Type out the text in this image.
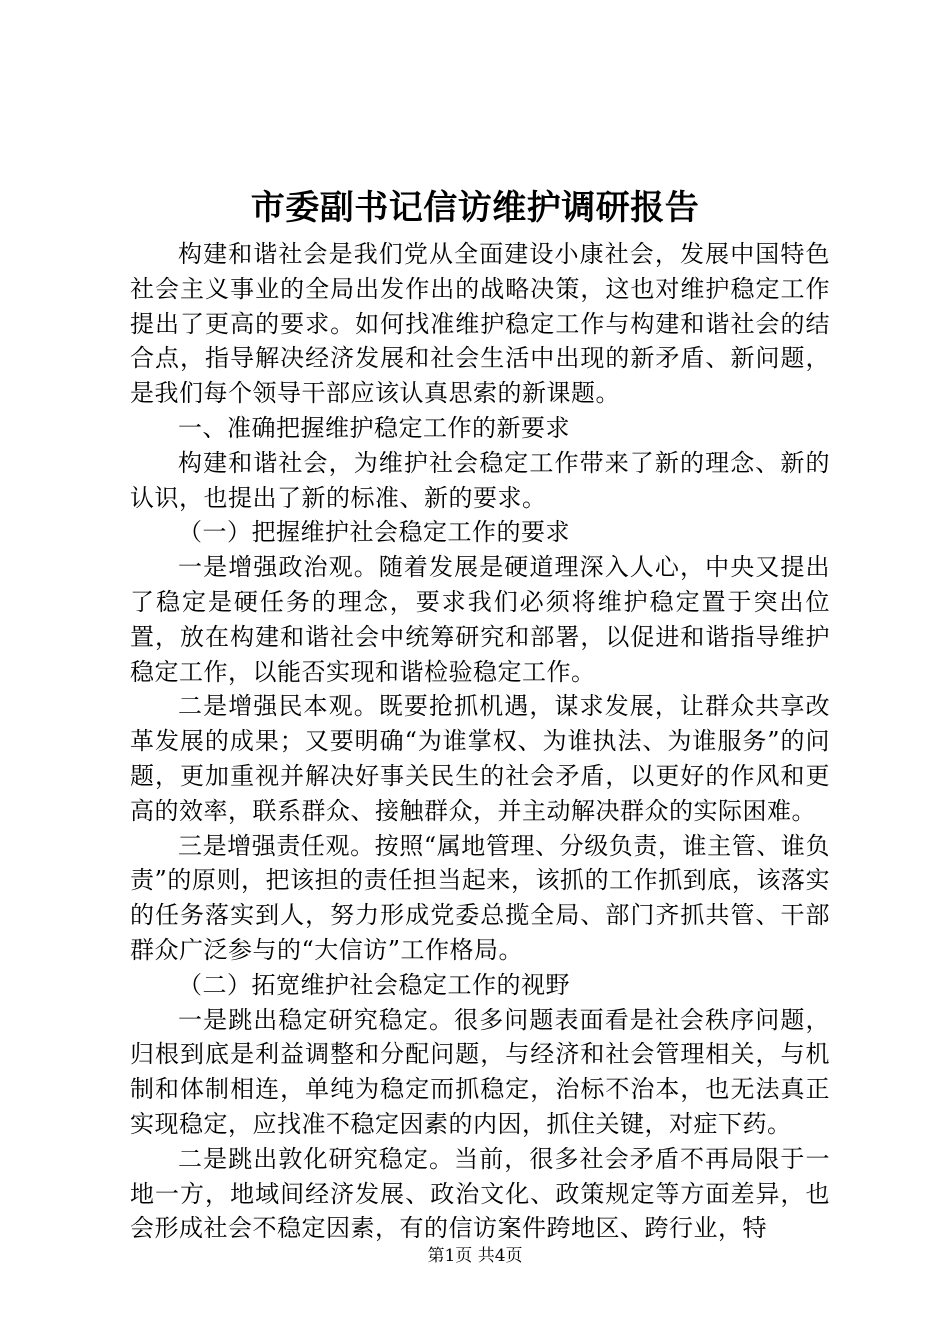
市委副书记信访维护调研报告

构建和谐社会是我们党从全面建设小康社会，发展中国特色社会主义事业的全局出发作出的战略决策，这也对维护稳定工作提出了更高的要求。如何找准维护稳定工作与构建和谐社会的结合点，指导解决经济发展和社会生活中出现的新矛盾、新问题，是我们每个领导干部应该认真思索的新课题。

一、准确把握维护稳定工作的新要求

构建和谐社会，为维护社会稳定工作带来了新的理念、新的认识，也提出了新的标准、新的要求。

（一）把握维护社会稳定工作的要求

一是增强政治观。随着发展是硬道理深入人心，中央又提出了稳定是硬任务的理念，要求我们必须将维护稳定置于突出位置，放在构建和谐社会中统筹研究和部署，以促进和谐指导维护稳定工作，以能否实现和谐检验稳定工作。

二是增强民本观。既要抢抓机遇，谋求发展，让群众共享改革发展的成果；又要明确“为谁掌权、为谁执法、为谁服务”的问题，更加重视并解决好事关民生的社会矛盾，以更好的作风和更高的效率，联系群众、接触群众，并主动解决群众的实际困难。

三是增强责任观。按照“属地管理、分级负责，谁主管、谁负责”的原则，把该担的责任担当起来，该抓的工作抓到底，该落实的任务落实到人，努力形成党委总揽全局、部门齐抓共管、干部群众广泛参与的“大信访”工作格局。

（二）拓宽维护社会稳定工作的视野

一是跳出稳定研究稳定。很多问题表面看是社会秩序问题，归根到底是利益调整和分配问题，与经济和社会管理相关，与机制和体制相连，单纯为稳定而抓稳定，治标不治本，也无法真正实现稳定，应找准不稳定因素的内因，抓住关键，对症下药。

二是跳出敦化研究稳定。当前，很多社会矛盾不再局限于一地一方，地域间经济发展、政治文化、政策规定等方面差异，也会形成社会不稳定因素，有的信访案件跨地区、跨行业，特

第1页 共4页
